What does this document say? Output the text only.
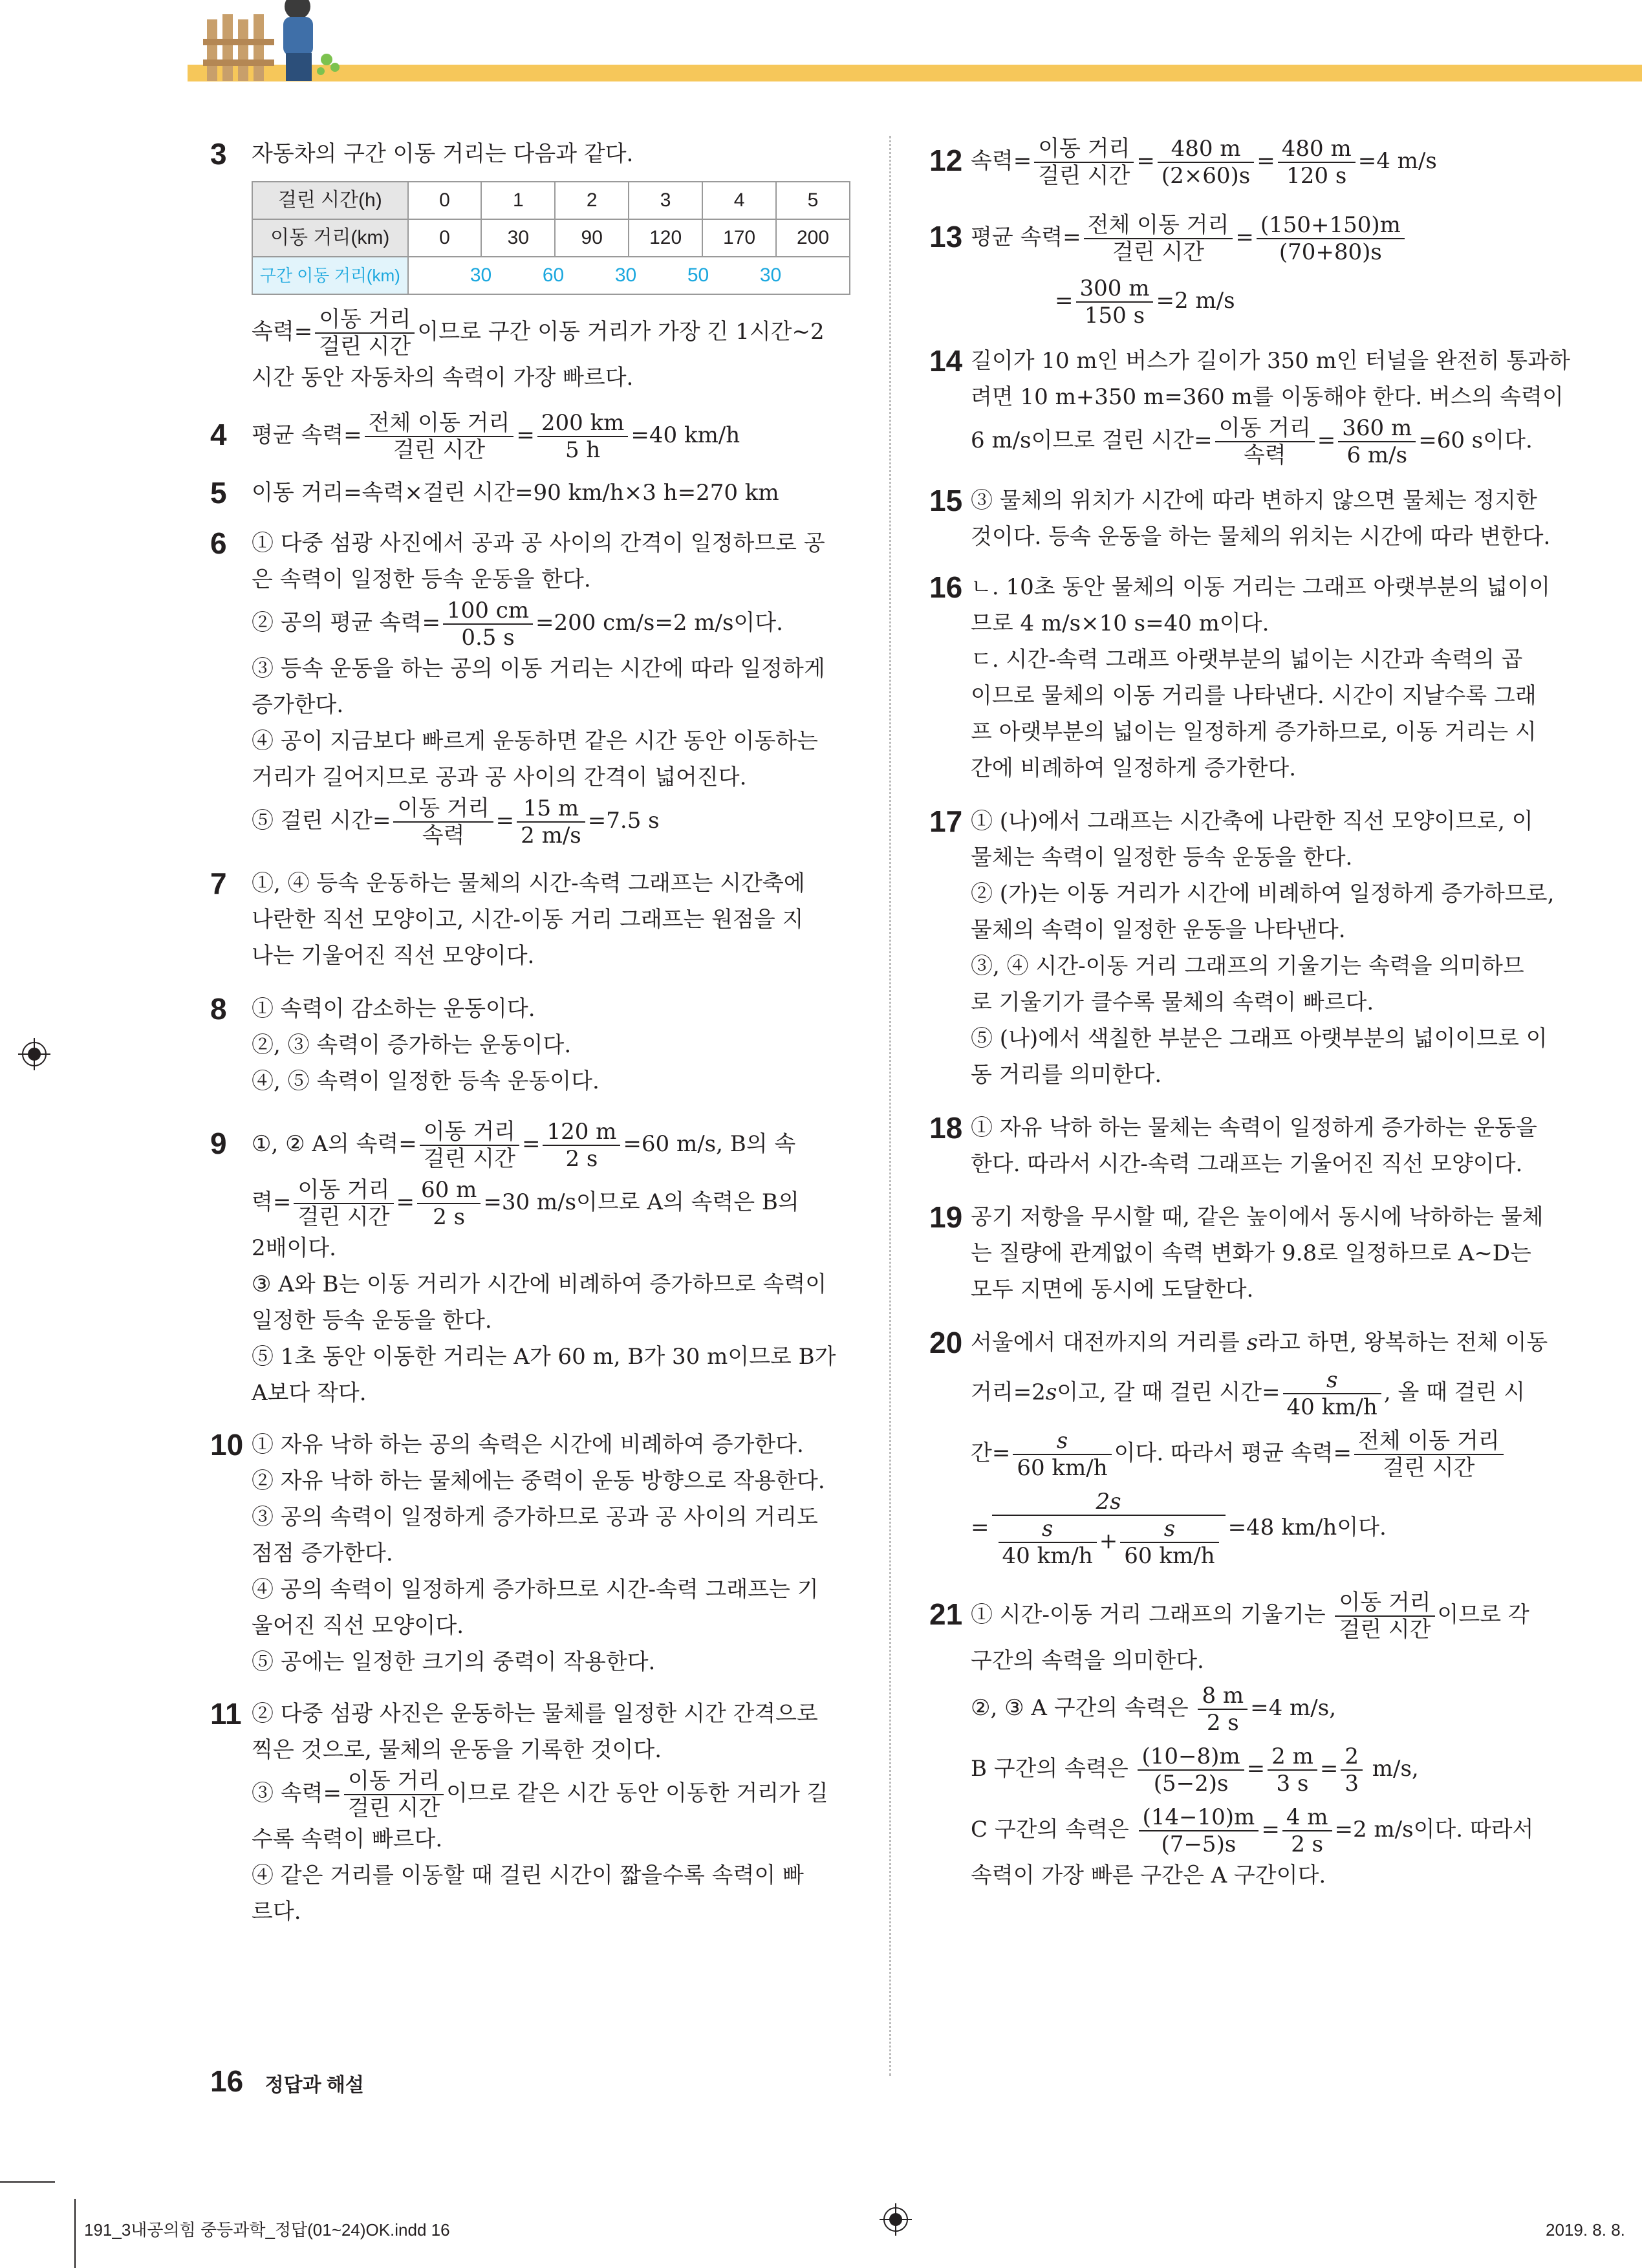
3 자동차의 구간 이동 거리는 다음과 같다.
걸린 시간(h)	0	1	2	3	4	5
이동 거리(km)	0	30	90	120	170	200
구간 이동 거리(km)	30 60 30 50 30					
속력= $\frac{\text{이동 거리}}{\text{걸린 시간}}$ 이므로 구간 이동 거리가 가장 긴 1시간~2
시간 동안 자동차의 속력이 가장 빠르다.
4 평균 속력= $\frac{\text{전체 이동 거리}}{\text{걸린 시간}} = \frac{200 km}{5 h} =40$ km/h
5 이동 거리=속력×걸린 시간=90 km/h×3 h=270 km
6 ① 다중 섬광 사진에서 공과 공 사이의 간격이 일정하므로 공
은 속력이 일정한 등속 운동을 한다.
② 공의 평균 속력= $\frac{100 cm}{0.5 s} =200$ cm/s=2 m/s이다.
③ 등속 운동을 하는 공의 이동 거리는 시간에 따라 일정하게
증가한다.
④ 공이 지금보다 빠르게 운동하면 같은 시간 동안 이동하는
거리가 길어지므로 공과 공 사이의 간격이 넓어진다.
⑤ 걸린 시간= $\frac{\text{이동 거리}}{\text{속력}} = \frac{15 m}{2 m/s} =7.5$ s
7 ①, ④ 등속 운동하는 물체의 시간-속력 그래프는 시간축에
나란한 직선 모양이고, 시간-이동 거리 그래프는 원점을 지
나는 기울어진 직선 모양이다.
8 ① 속력이 감소하는 운동이다.
②, ③ 속력이 증가하는 운동이다.
④, ⑤ 속력이 일정한 등속 운동이다.
9 ①, ② A의 속력= $\frac{\text{이동 거리}}{\text{걸린 시간}} = \frac{120 m}{2 s} =60$ m/s, B의 속
력= $\frac{\text{이동 거리}}{\text{걸린 시간}} = \frac{60 m}{2 s} =30$ m/s이므로 A의 속력은 B의
2배이다.
③ A와 B는 이동 거리가 시간에 비례하여 증가하므로 속력이
일정한 등속 운동을 한다.
⑤ 1초 동안 이동한 거리는 A가 60 m, B가 30 m이므로 B가
A보다 작다.
10 ① 자유 낙하 하는 공의 속력은 시간에 비례하여 증가한다.
② 자유 낙하 하는 물체에는 중력이 운동 방향으로 작용한다.
③ 공의 속력이 일정하게 증가하므로 공과 공 사이의 거리도
점점 증가한다.
④ 공의 속력이 일정하게 증가하므로 시간-속력 그래프는 기
울어진 직선 모양이다.
⑤ 공에는 일정한 크기의 중력이 작용한다.
11 ② 다중 섬광 사진은 운동하는 물체를 일정한 시간 간격으로
찍은 것으로, 물체의 운동을 기록한 것이다.
③ 속력= $\frac{\text{이동 거리}}{\text{걸린 시간}}$ 이므로 같은 시간 동안 이동한 거리가 길
수록 속력이 빠르다.
④ 같은 거리를 이동할 때 걸린 시간이 짧을수록 속력이 빠
르다.
12 속력= $\frac{\text{이동 거리}}{\text{걸린 시간}} = \frac{480 m}{(2\times 60)s} = \frac{480 m}{120 s} =4$ m/s
13 평균 속력= $\frac{\text{전체 이동 거리}}{\text{걸린 시간}} = \frac{(150+150)m}{(70+80)s}$
= $\frac{300 m}{150 s} =2$ m/s
14 길이가 10 m인 버스가 길이가 350 m인 터널을 완전히 통과하
려면 10 m+350 m=360 m를 이동해야 한다. 버스의 속력이
6 m/s이므로 걸린 시간= $\frac{\text{이동 거리}}{\text{속력}} = \frac{360 m}{6 m/s} =60$ s이다.
15 ③ 물체의 위치가 시간에 따라 변하지 않으면 물체는 정지한
것이다. 등속 운동을 하는 물체의 위치는 시간에 따라 변한다.
16 ㄴ. 10초 동안 물체의 이동 거리는 그래프 아랫부분의 넓이이
므로 4 m/s×10 s=40 m이다.
ㄷ. 시간-속력 그래프 아랫부분의 넓이는 시간과 속력의 곱
이므로 물체의 이동 거리를 나타낸다. 시간이 지날수록 그래
프 아랫부분의 넓이는 일정하게 증가하므로, 이동 거리는 시
간에 비례하여 일정하게 증가한다.
17 ① (나)에서 그래프는 시간축에 나란한 직선 모양이므로, 이
물체는 속력이 일정한 등속 운동을 한다.
② (가)는 이동 거리가 시간에 비례하여 일정하게 증가하므로,
물체의 속력이 일정한 운동을 나타낸다.
③, ④ 시간-이동 거리 그래프의 기울기는 속력을 의미하므
로 기울기가 클수록 물체의 속력이 빠르다.
⑤ (나)에서 색칠한 부분은 그래프 아랫부분의 넓이이므로 이
동 거리를 의미한다.
18 ① 자유 낙하 하는 물체는 속력이 일정하게 증가하는 운동을
한다. 따라서 시간-속력 그래프는 기울어진 직선 모양이다.
19 공기 저항을 무시할 때, 같은 높이에서 동시에 낙하하는 물체
는 질량에 관계없이 속력 변화가 9.8로 일정하므로 A~D는
모두 지면에 동시에 도달한다.
20 서울에서 대전까지의 거리를 s라고 하면, 왕복하는 전체 이동
거리=2s이고, 갈 때 걸린 시간= $\frac{s}{40 km/h}$ , 올 때 걸린 시
간= $\frac{s}{60 km/h}$ 이다. 따라서 평균 속력= $\frac{\text{전체 이동 거리}}{\text{걸린 시간}}$
= $\frac{2s}{\frac{s}{40 km/h} + \frac{s}{60 km/h}} =48$ km/h이다.
21 ① 시간-이동 거리 그래프의 기울기는 $\frac{\text{이동 거리}}{\text{걸린 시간}}$ 이므로 각
구간의 속력을 의미한다.
②, ③ A 구간의 속력은 $\frac{8 m}{2 s} =4$ m/s,
B 구간의 속력은 $\frac{(10-8)m}{(5-2)s} = \frac{2 m}{3 s} = \frac{2}{3} m/s$,
C 구간의 속력은 $\frac{(14-10)m}{(7-5)s} = \frac{4 m}{2 s} =2$ m/s이다. 따라서
속력이 가장 빠른 구간은 A 구간이다.
16 정답과 해설
191_3내공의힘 중등과학_정답(01~24)OK.indd 16	2019. 8. 8.
